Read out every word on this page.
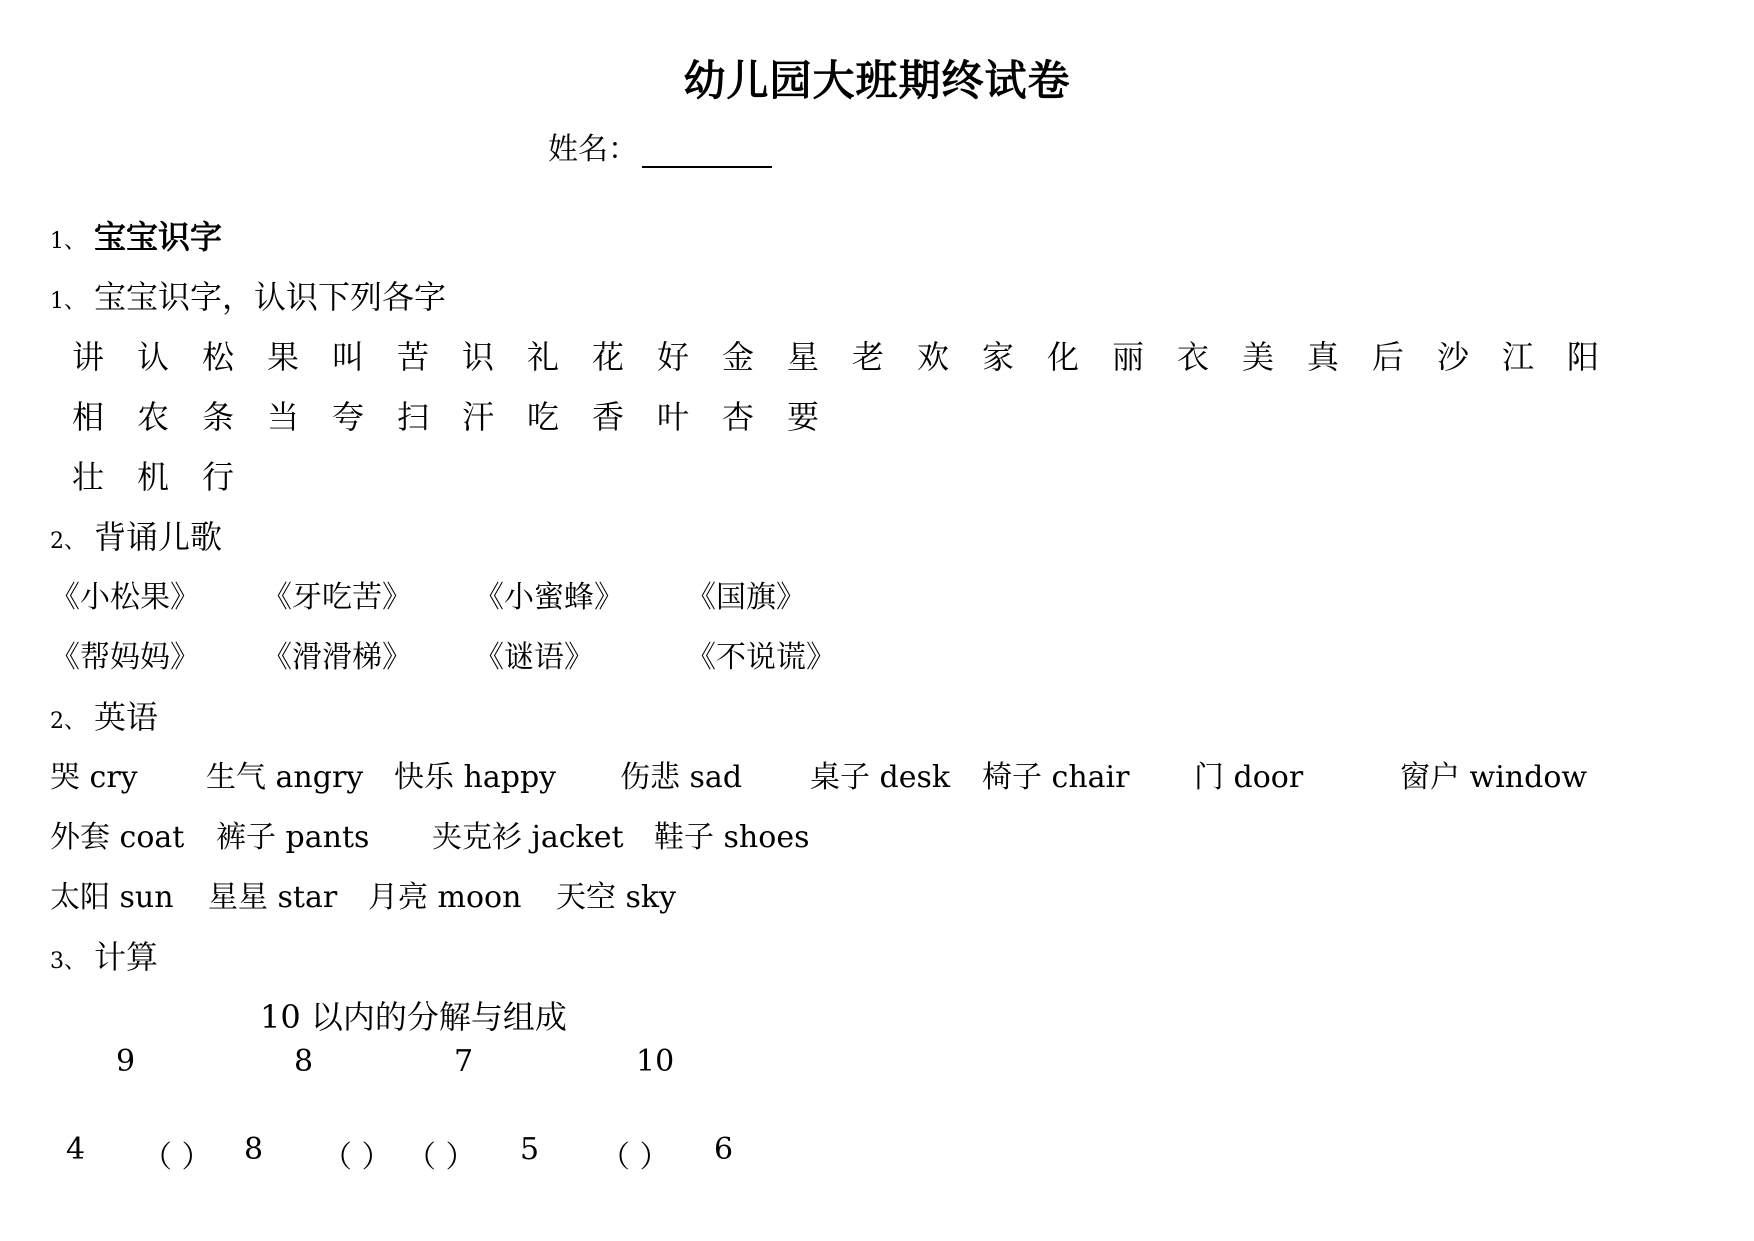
幼儿园大班期终试卷
姓名：
1、 宝宝识字
1、 宝宝识字，认识下列各字
讲	认	松	果	叫	苦	识	礼	花	好	金	星	老	欢	家	化	丽	衣	美	真	后	沙	江	阳
相	农	条	当	夸	扫	汗	吃	香	叶	杏	要
壮	机	行
2、 背诵儿歌
《小松果》 《牙吃苦》 《小蜜蜂》 《国旗》
《帮妈妈》 《滑滑梯》 《谜语》	《不说谎》
2、 英语
哭 cry 生气 angry 快乐 happy 伤悲 sad 桌子 desk 椅子 chair 门 door	窗户 window
外套 coat 裤子 pants 夹克衫 jacket 鞋子 shoes
太阳 sun 星星 star 月亮 moon 天空 sky
3、 计算
10 以内的分解与组成
9	8	7	10
4 （ ） 8 （ ） （ ） 5 （ ） 6
